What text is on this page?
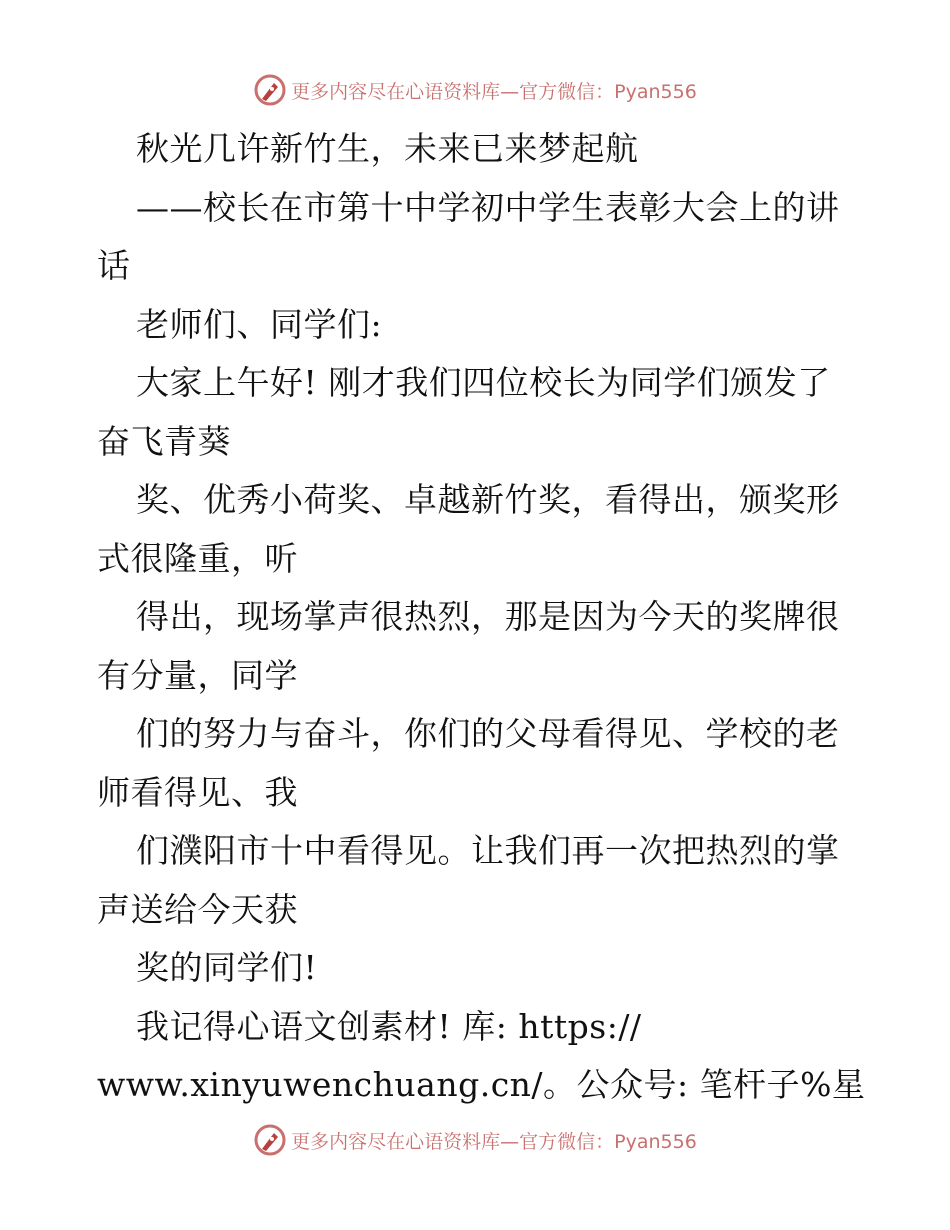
更多内容尽在心语资料库—官方微信：Pyan556
秋光几许新竹生，未来已来梦起航
——校长在市第十中学初中学生表彰大会上的讲
话
老师们、同学们:
大家上午好! 刚才我们四位校长为同学们颁发了
奋飞青葵
奖、优秀小荷奖、卓越新竹奖，看得出，颁奖形
式很隆重，听
得出，现场掌声很热烈，那是因为今天的奖牌很
有分量，同学
们的努力与奋斗，你们的父母看得见、学校的老
师看得见、我
们濮阳市十中看得见。让我们再一次把热烈的掌
声送给今天获
奖的同学们!
我记得心语文创素材! 库: https://
www.xinyuwenchuang.cn/。公众号: 笔杆子%星
更多内容尽在心语资料库—官方微信：Pyan556
